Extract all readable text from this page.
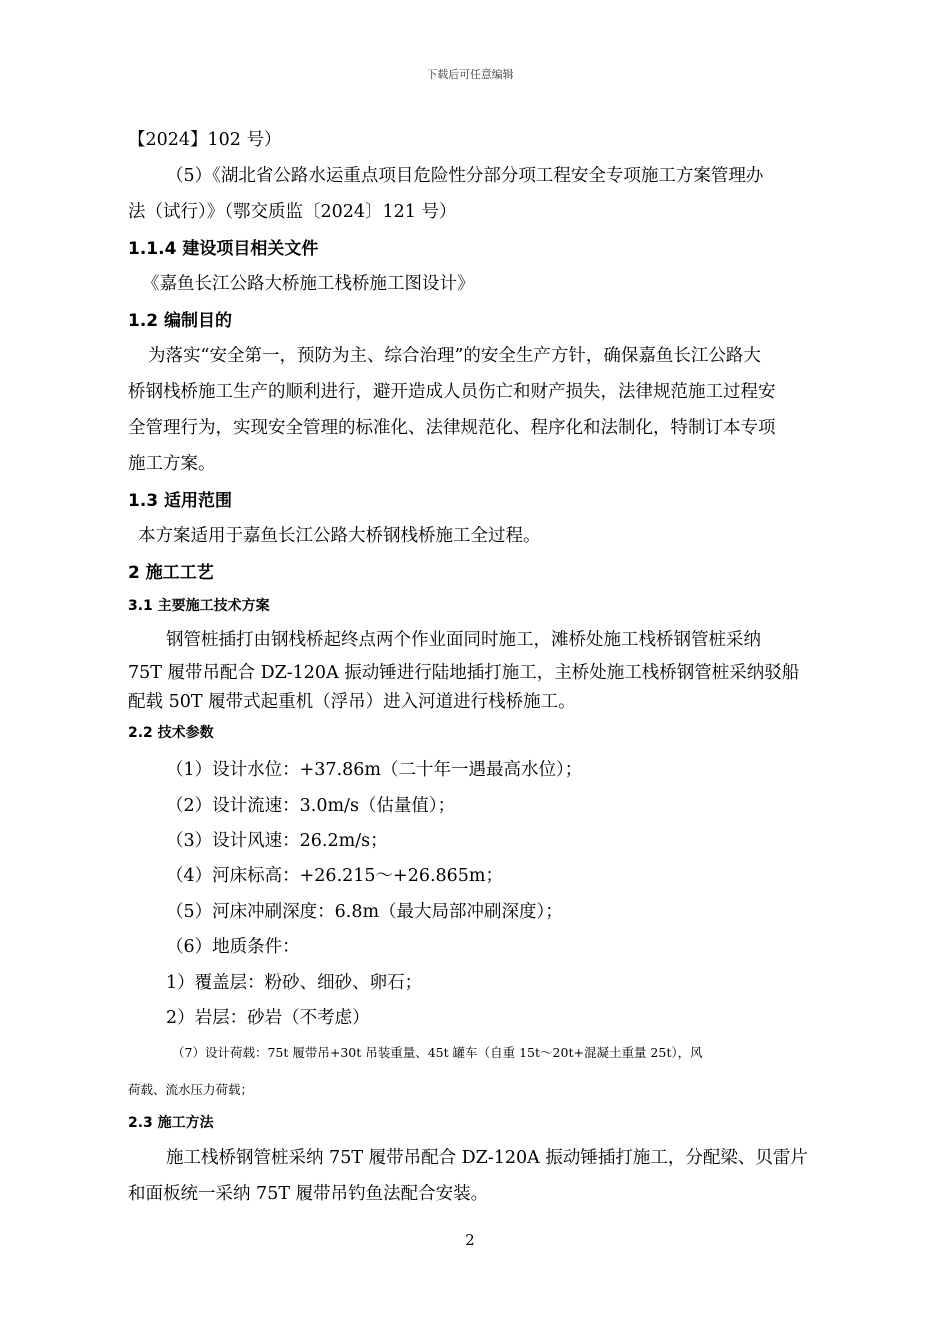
下载后可任意编辑
【2024】102 号）
（5）《湖北省公路水运重点项目危险性分部分项工程安全专项施工方案管理办
法（试行）》（鄂交质监〔2024〕121 号）
1.1.4 建设项目相关文件
《嘉鱼长江公路大桥施工栈桥施工图设计》
1.2 编制目的
为落实“安全第一，预防为主、综合治理”的安全生产方针，确保嘉鱼长江公路大
桥钢栈桥施工生产的顺利进行，避开造成人员伤亡和财产损失，法律规范施工过程安
全管理行为，实现安全管理的标准化、法律规范化、程序化和法制化，特制订本专项
施工方案。
1.3 适用范围
本方案适用于嘉鱼长江公路大桥钢栈桥施工全过程。
2 施工工艺
3.1 主要施工技术方案
钢管桩插打由钢栈桥起终点两个作业面同时施工，滩桥处施工栈桥钢管桩采纳
75T 履带吊配合 DZ-120A 振动锤进行陆地插打施工，主桥处施工栈桥钢管桩采纳驳船
配载 50T 履带式起重机（浮吊）进入河道进行栈桥施工。
2.2 技术参数
（1）设计水位：+37.86m（二十年一遇最高水位）；
（2）设计流速：3.0m/s（估量值）；
（3）设计风速：26.2m/s；
（4）河床标高：+26.215～+26.865m；
（5）河床冲刷深度：6.8m（最大局部冲刷深度）；
（6）地质条件：
1）覆盖层：粉砂、细砂、卵石；
2）岩层：砂岩（不考虑）
（7）设计荷载：75t 履带吊+30t 吊装重量、45t 罐车（自重 15t～20t+混凝土重量 25t），风
荷载、流水压力荷载；
2.3 施工方法
施工栈桥钢管桩采纳 75T 履带吊配合 DZ-120A 振动锤插打施工，分配梁、贝雷片
和面板统一采纳 75T 履带吊钓鱼法配合安装。
2
